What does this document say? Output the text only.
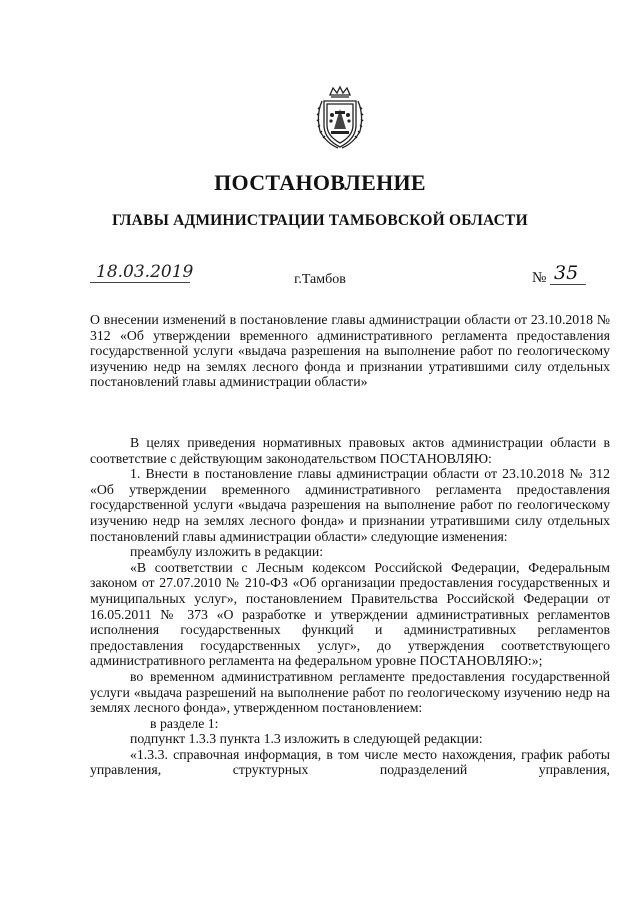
ПОСТАНОВЛЕНИЕ
ГЛАВЫ АДМИНИСТРАЦИИ ТАМБОВСКОЙ ОБЛАСТИ
18.03.2019	г.Тамбов	№ 35
О внесении изменений в постановление главы администрации области от 23.10.2018 № 312 «Об утверждении временного административного регламента предоставления государственной услуги «выдача разрешения на выполнение работ по геологическому изучению недр на землях лесного фонда и признании утратившими силу отдельных постановлений главы администрации области»

В целях приведения нормативных правовых актов администрации области в соответствие с действующим законодательством ПОСТАНОВЛЯЮ:

1. Внести в постановление главы администрации области от 23.10.2018 № 312 «Об утверждении временного административного регламента предоставления государственной услуги «выдача разрешения на выполнение работ по геологическому изучению недр на землях лесного фонда» и признании утратившими силу отдельных постановлений главы администрации области» следующие изменения:

преамбулу изложить в редакции:

«В соответствии с Лесным кодексом Российской Федерации, Федеральным законом от 27.07.2010 № 210-ФЗ «Об организации предоставления государственных и муниципальных услуг», постановлением Правительства Российской Федерации от 16.05.2011 № 373 «О разработке и утверждении административных регламентов исполнения государственных функций и административных регламентов предоставления государственных услуг», до утверждения соответствующего административного регламента на федеральном уровне ПОСТАНОВЛЯЮ:»;

во временном административном регламенте предоставления государственной услуги «выдача разрешений на выполнение работ по геологическому изучению недр на землях лесного фонда», утвержденном постановлением:

в разделе 1:

подпункт 1.3.3 пункта 1.3 изложить в следующей редакции:

«1.3.3. справочная информация, в том числе место нахождения, график работы управления, структурных подразделений управления,
